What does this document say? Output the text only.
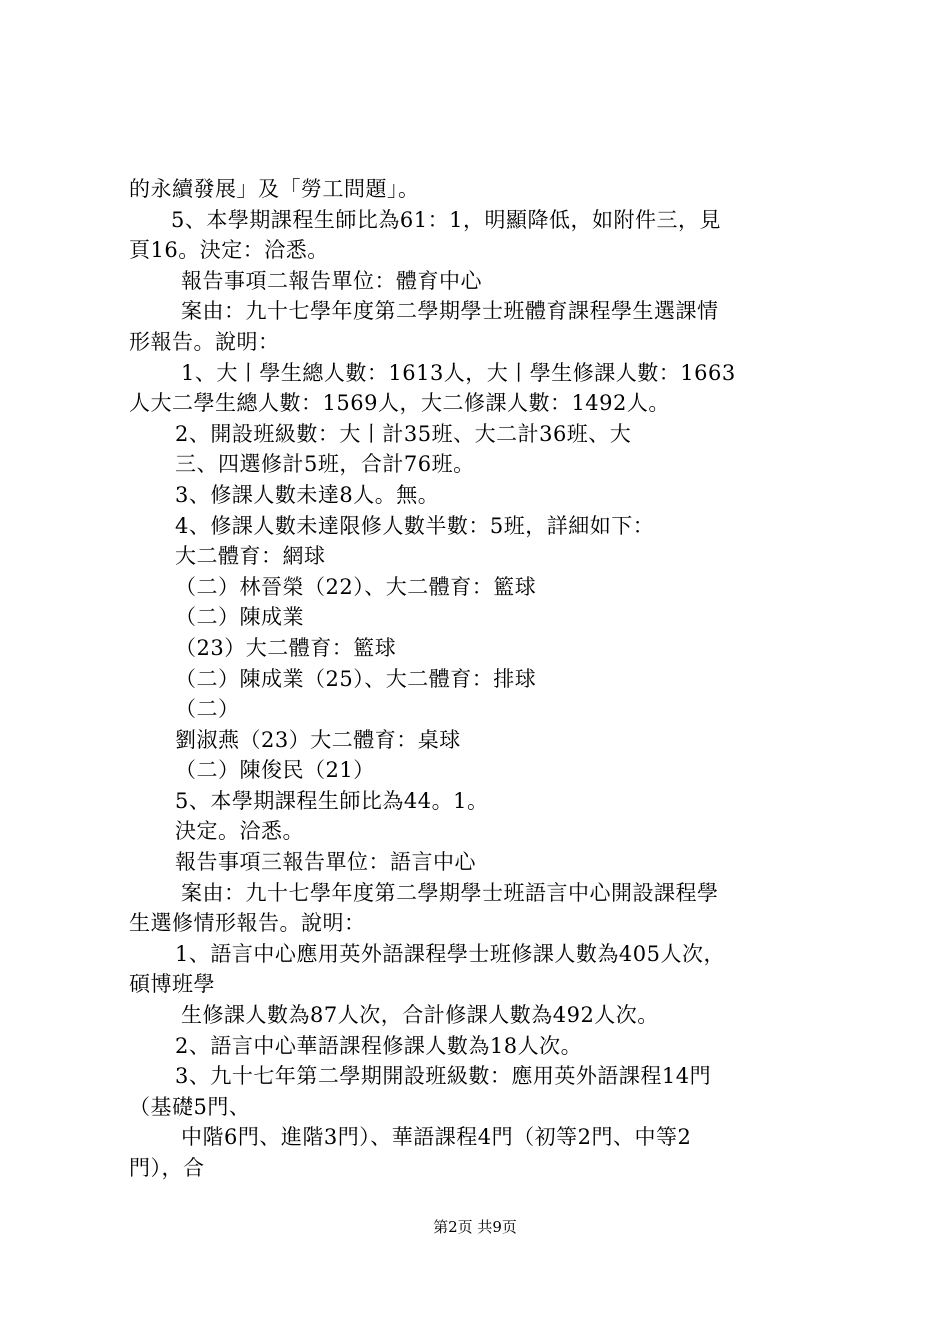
的永續發展」及「勞工問題」。
5、本學期課程生師比為61：1，明顯降低，如附件三，見
頁16。決定：洽悉。
報告事項二報告單位：體育中心
案由：九十七學年度第二學期學士班體育課程學生選課情
形報告。說明：
1、大丨學生總人數：1613人，大丨學生修課人數：1663
人大二學生總人數：1569人，大二修課人數：1492人。
2、開設班級數：大丨計35班、大二計36班、大
三、四選修計5班，合計76班。
3、修課人數未達8人。無。
4、修課人數未達限修人數半數：5班，詳細如下：
大二體育：網球
（二）林晉榮（22）、大二體育：籃球
（二）陳成業
（23）大二體育：籃球
（二）陳成業（25）、大二體育：排球
（二）
劉淑燕（23）大二體育：桌球
（二）陳俊民（21）
5、本學期課程生師比為44。1。
決定。洽悉。
報告事項三報告單位：語言中心
案由：九十七學年度第二學期學士班語言中心開設課程學
生選修情形報告。說明：
1、語言中心應用英外語課程學士班修課人數為405人次，
碩博班學
生修課人數為87人次，合計修課人數為492人次。
2、語言中心華語課程修課人數為18人次。
3、九十七年第二學期開設班級數：應用英外語課程14門
（基礎5門、
中階6門、進階3門）、華語課程4門（初等2門、中等2
門），合
第2页 共9页
